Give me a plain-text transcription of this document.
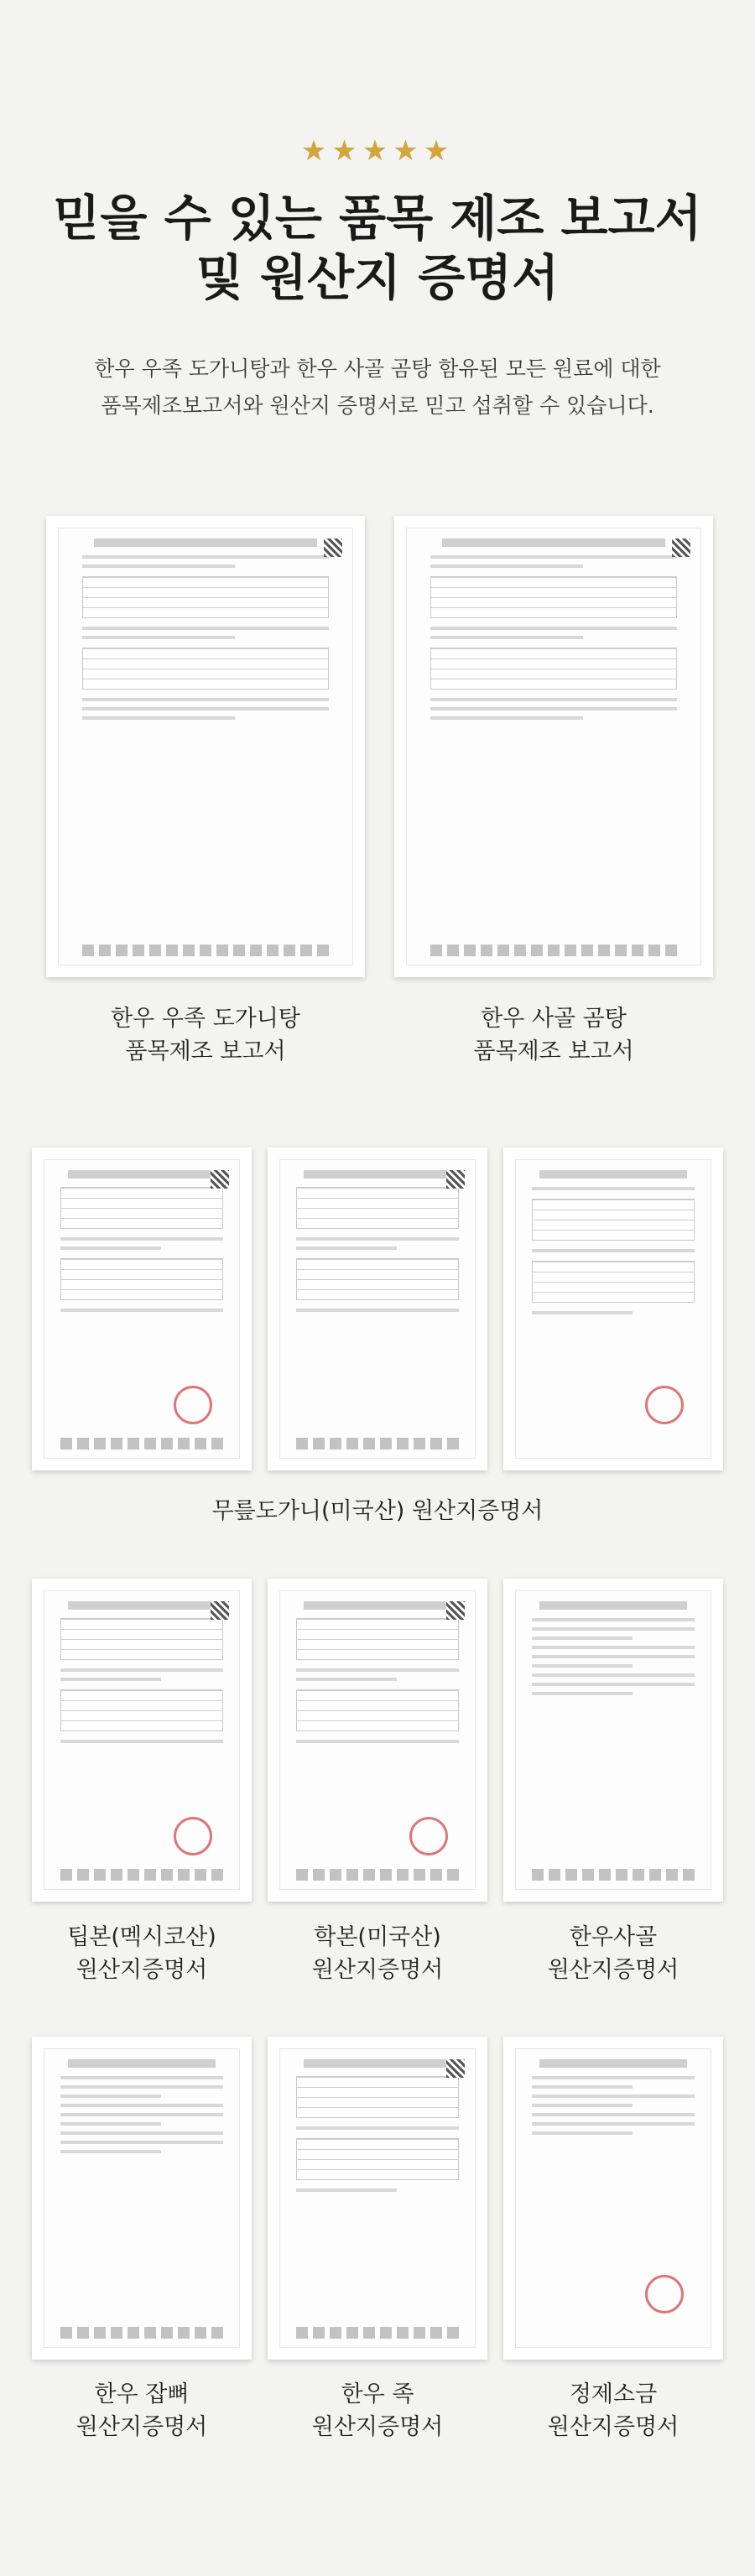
★★★★★
믿을 수 있는 품목 제조 보고서
및 원산지 증명서
한우 우족 도가니탕과 한우 사골 곰탕 함유된 모든 원료에 대한
품목제조보고서와 원산지 증명서로 믿고 섭취할 수 있습니다.
한우 우족 도가니탕
품목제조 보고서
한우 사골 곰탕
품목제조 보고서
무릎도가니(미국산) 원산지증명서
팁본(멕시코산)
원산지증명서
학본(미국산)
원산지증명서
한우사골
원산지증명서
한우 잡뼈
원산지증명서
한우 족
원산지증명서
정제소금
원산지증명서
